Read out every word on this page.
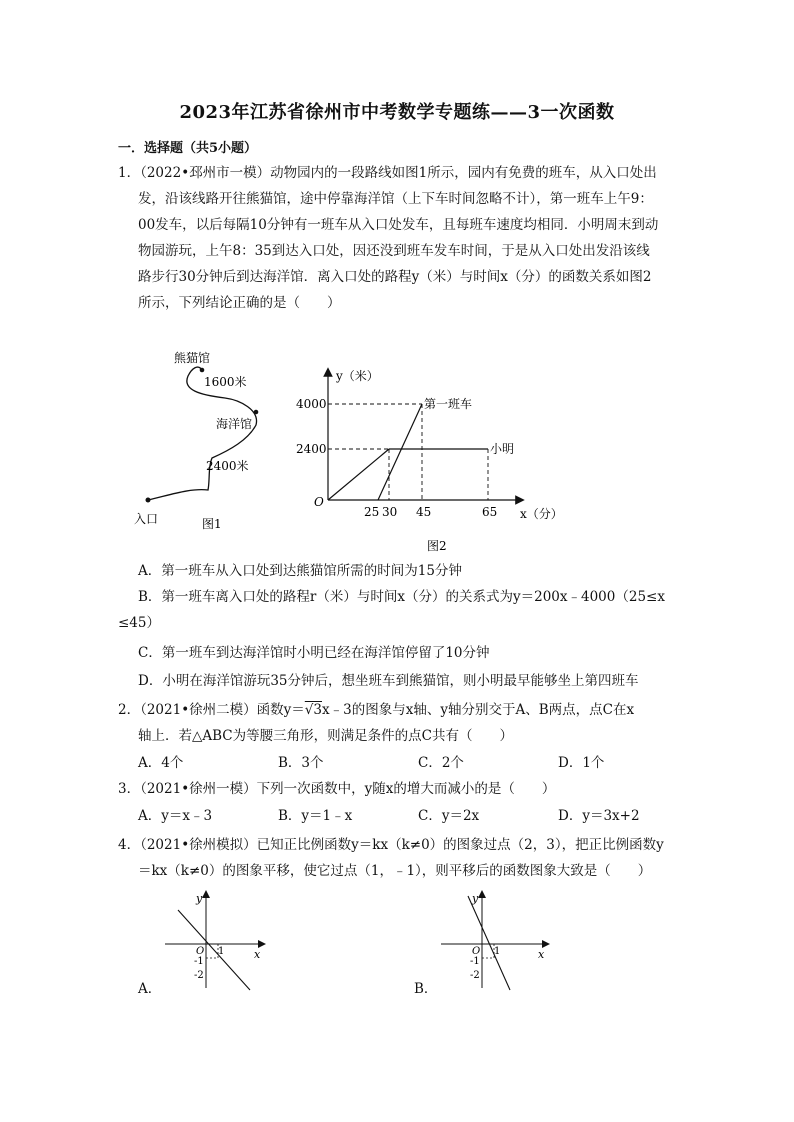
2023年江苏省徐州市中考数学专题练——3一次函数
一．选择题（共5小题）

1．（2022•邳州市一模）动物园内的一段路线如图1所示，园内有免费的班车，从入口处出

发，沿该线路开往熊猫馆，途中停靠海洋馆（上下车时间忽略不计），第一班车上午9：

00发车，以后每隔10分钟有一班车从入口处发车，且每班车速度均相同．小明周末到动

物园游玩，上午8：35到达入口处，因还没到班车发车时间，于是从入口处出发沿该线

路步行30分钟后到达海洋馆．离入口处的路程y（米）与时间x（分）的函数关系如图2

所示，下列结论正确的是（　　）

熊猫馆
1600米
海洋馆
2400米
入口	图1
y（米）
x（分）
O
4000
2400
25 30 45	65
第一班车
小明
图2
A．第一班车从入口处到达熊猫馆所需的时间为15分钟
B．第一班车离入口处的路程r（米）与时间x（分）的关系式为y＝200x﹣4000（25≤x
≤45）
C．第一班车到达海洋馆时小明已经在海洋馆停留了10分钟
D．小明在海洋馆游玩35分钟后，想坐班车到熊猫馆，则小明最早能够坐上第四班车
2．（2021•徐州二模）函数y＝√3x﹣3的图象与x轴、y轴分别交于A、B两点，点C在x
轴上．若△ABC为等腰三角形，则满足条件的点C共有（　　）
A．4个	B．3个	C．2个	D．1个
3．（2021•徐州一模）下列一次函数中，y随x的增大而减小的是（　　）
A．y＝x﹣3	B．y＝1﹣x	C．y＝2x	D．y＝3x+2
4．（2021•徐州模拟）已知正比例函数y＝kx（k≠0）的图象过点（2，3），把正比例函数y
＝kx（k≠0）的图象平移，使它过点（1，﹣1），则平移后的函数图象大致是（　　）
y
x
O 1
-1
-2
A．
y
x
O 1
-1
-2
B．
